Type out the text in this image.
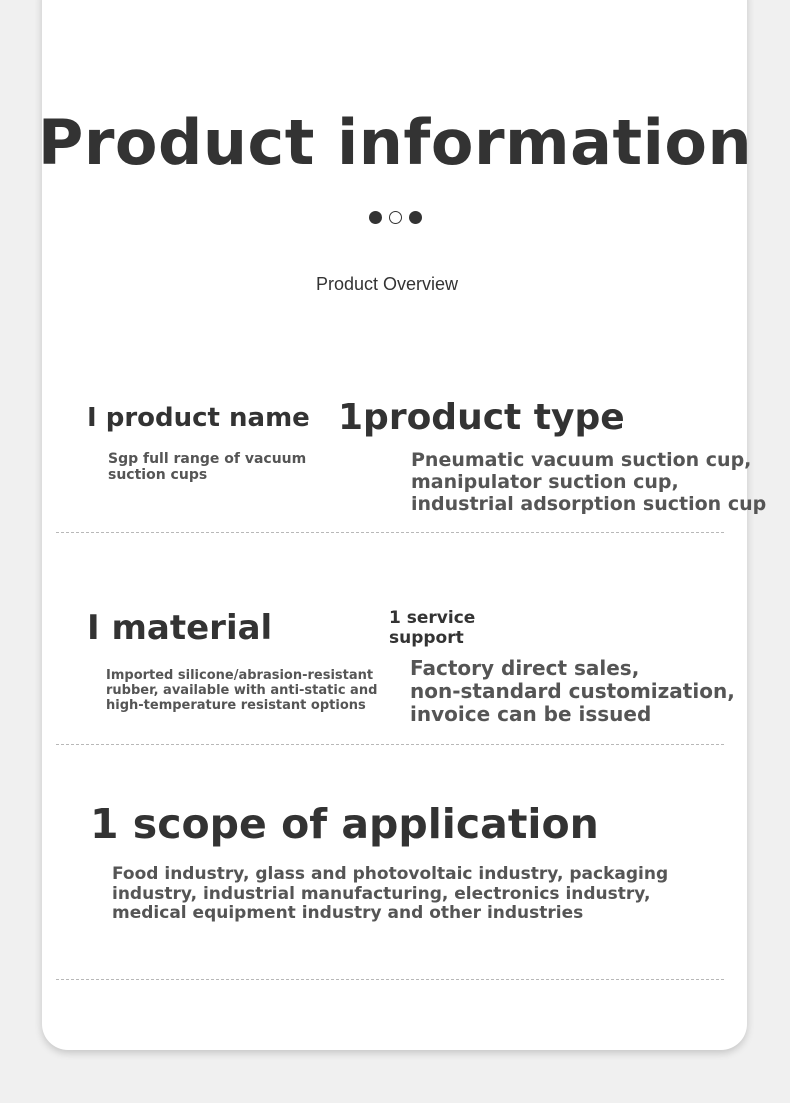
Product information
Product Overview
I product name
Sgp full range of vacuum
suction cups
1product type
Pneumatic vacuum suction cup,
manipulator suction cup,
industrial adsorption suction cup
I material
Imported silicone/abrasion-resistant
rubber, available with anti-static and
high-temperature resistant options
1 service
support
Factory direct sales,
non-standard customization,
invoice can be issued
1 scope of application
Food industry, glass and photovoltaic industry, packaging
industry, industrial manufacturing, electronics industry,
medical equipment industry and other industries
